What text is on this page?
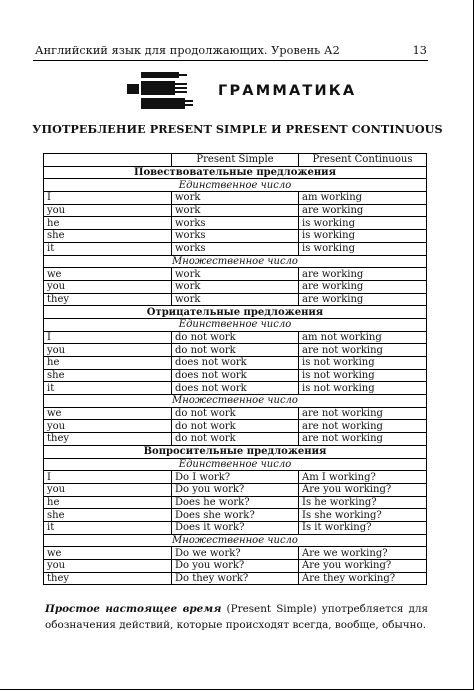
Английский язык для продолжающих. Уровень А2	13
ГРАММАТИКА
УПОТРЕБЛЕНИЕ PRESENT SIMPLE И PRESENT CONTINUOUS
	Present Simple	Present Continuous
Повествовательные предложения		
Единственное число		
I	work	am working
you	work	are working
he	works	is working
she	works	is working
it	works	is working
Множественное число		
we	work	are working
you	work	are working
they	work	are working
Отрицательные предложения		
Единственное число		
I	do not work	am not working
you	do not work	are not working
he	does not work	is not working
she	does not work	is not working
it	does not work	is not working
Множественное число		
we	do not work	are not working
you	do not work	are not working
they	do not work	are not working
Вопросительные предложения		
Единственное число		
I	Do I work?	Am I working?
you	Do you work?	Are you working?
he	Does he work?	Is he working?
she	Does she work?	Is she working?
it	Does it work?	Is it working?
Множественное число		
we	Do we work?	Are we working?
you	Do you work?	Are you working?
they	Do they work?	Are they working?
Простое настоящее время (Present Simple) употребляется для обозначения действий, которые происходят всегда, вообще, обычно.
